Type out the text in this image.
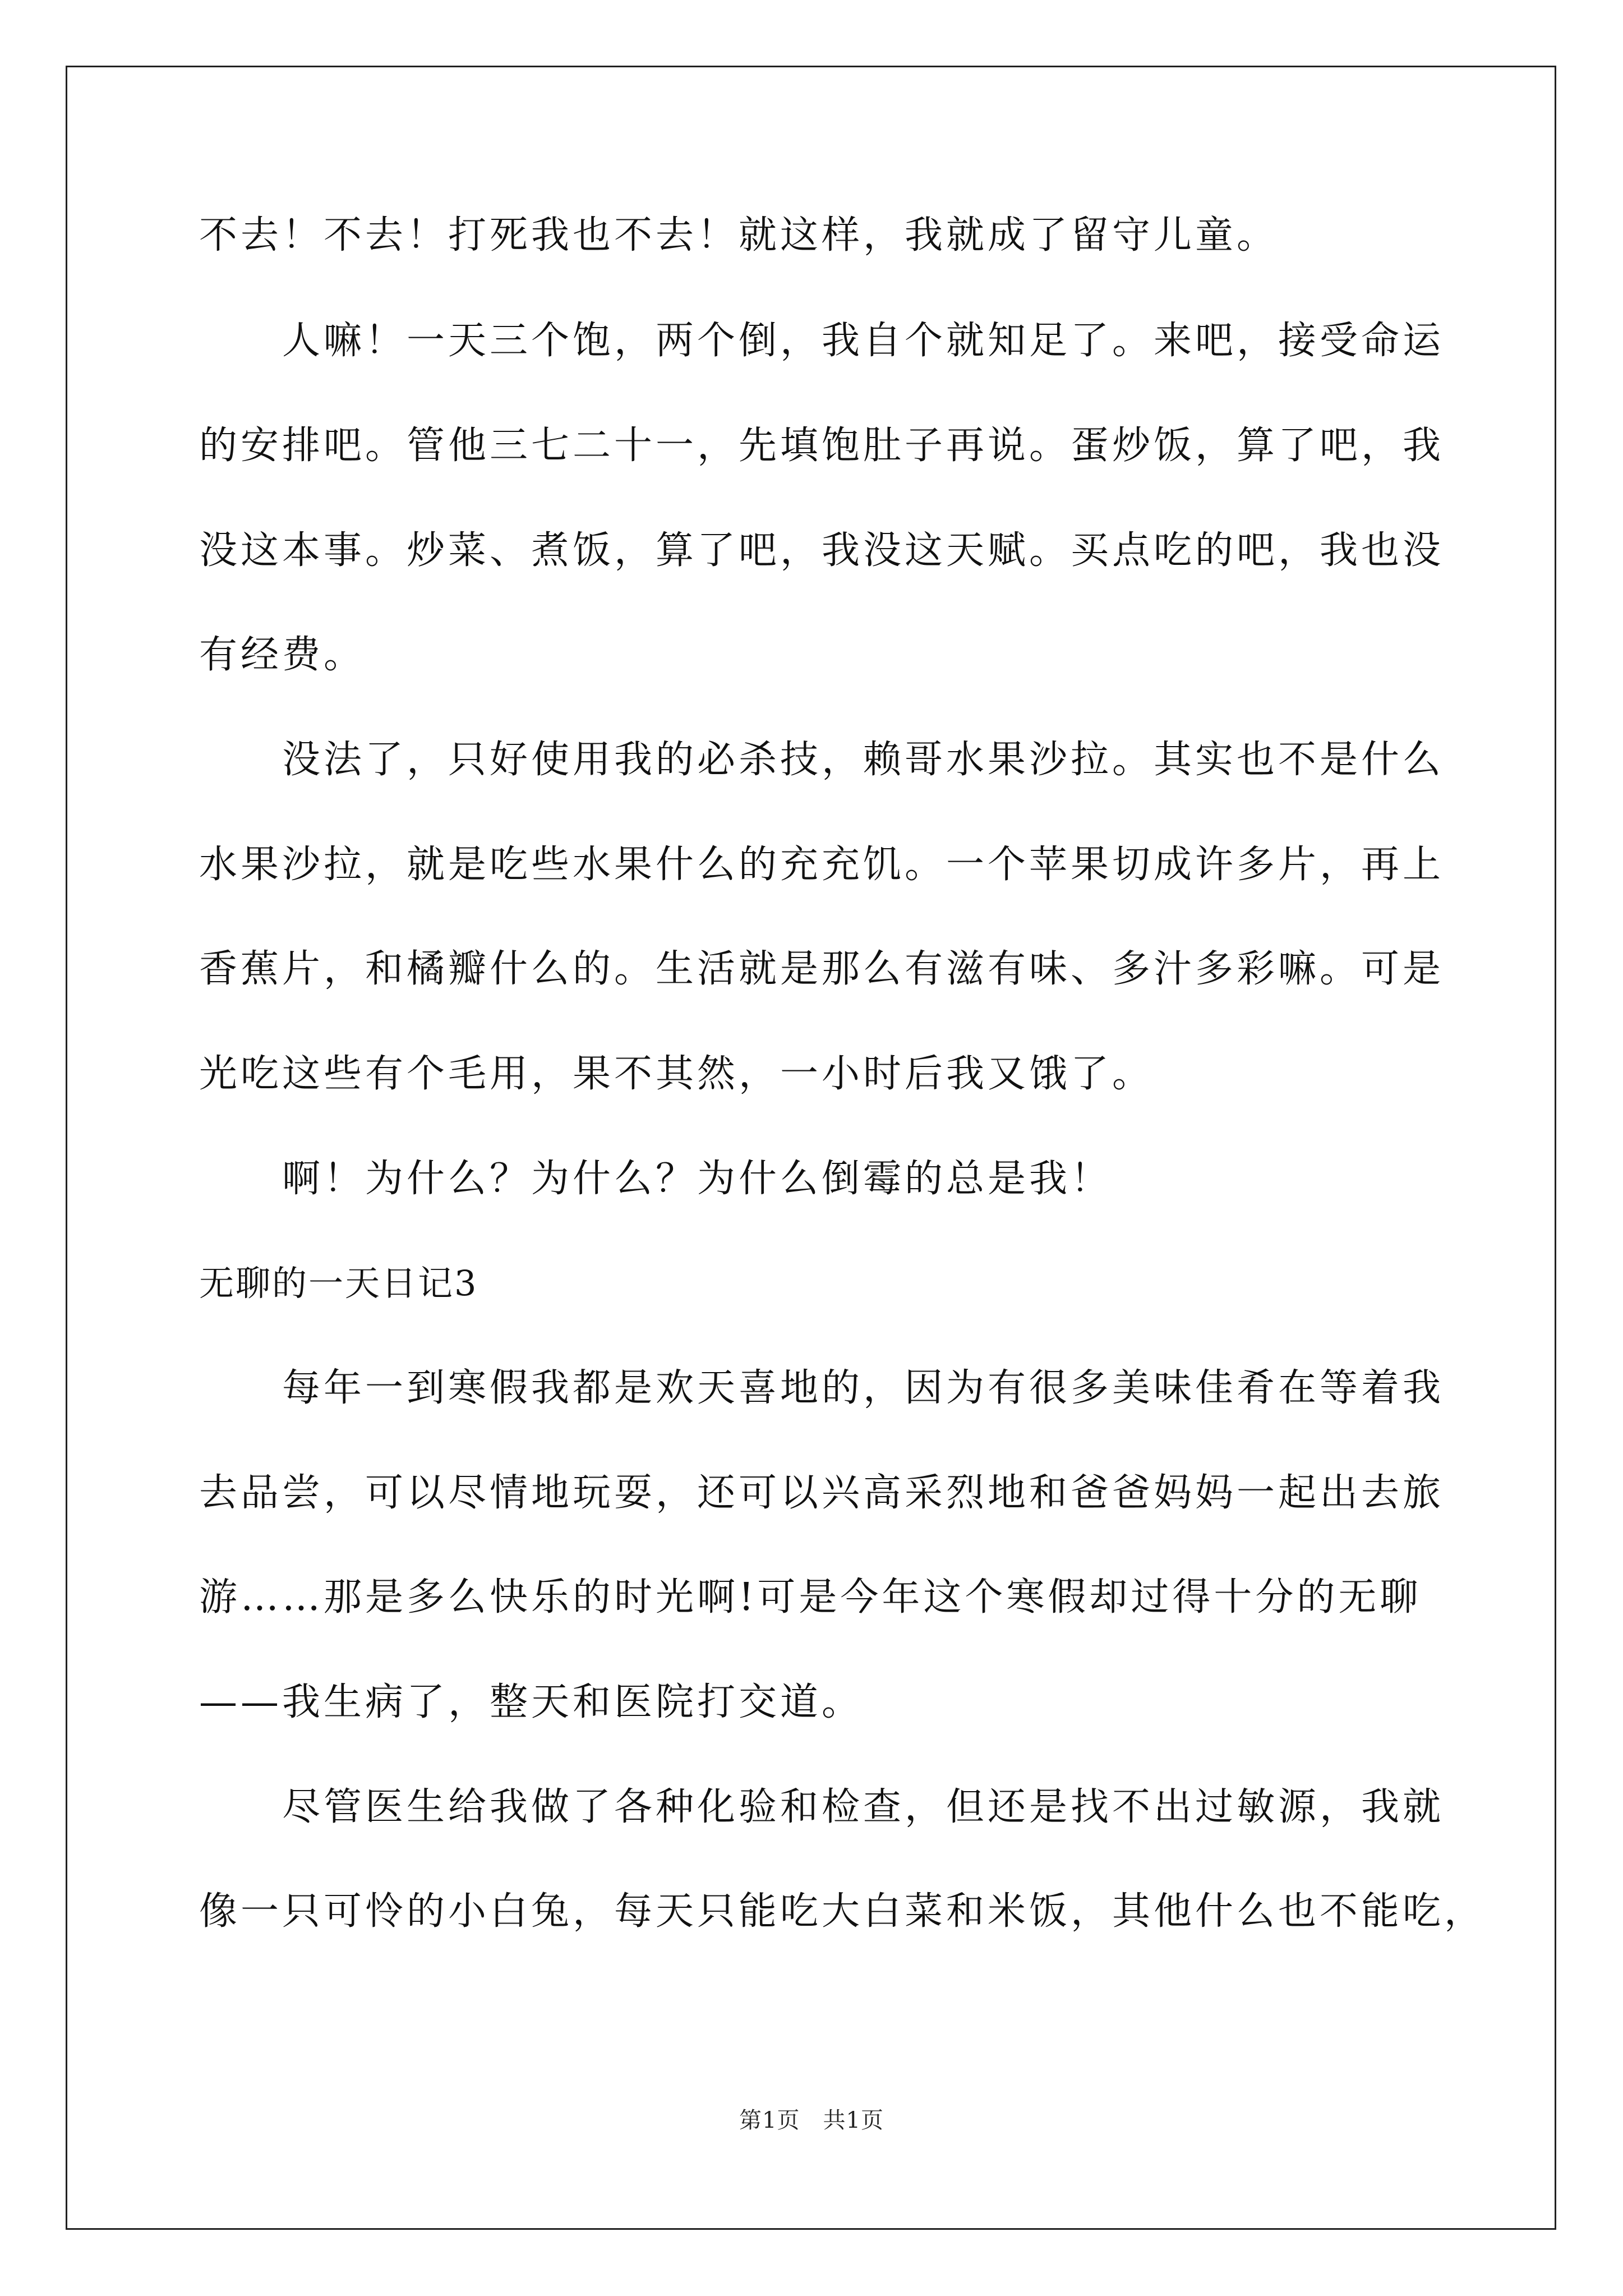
不去！不去！打死我也不去！就这样，我就成了留守儿童。
人嘛！一天三个饱，两个倒，我自个就知足了。来吧，接受命运
的安排吧。管他三七二十一，先填饱肚子再说。蛋炒饭，算了吧，我
没这本事。炒菜、煮饭，算了吧，我没这天赋。买点吃的吧，我也没
有经费。
没法了，只好使用我的必杀技，赖哥水果沙拉。其实也不是什么
水果沙拉，就是吃些水果什么的充充饥。一个苹果切成许多片，再上
香蕉片，和橘瓣什么的。生活就是那么有滋有味、多汁多彩嘛。可是
光吃这些有个毛用，果不其然，一小时后我又饿了。
啊！为什么？为什么？为什么倒霉的总是我！
无聊的一天日记3
每年一到寒假我都是欢天喜地的，因为有很多美味佳肴在等着我
去品尝，可以尽情地玩耍，还可以兴高采烈地和爸爸妈妈一起出去旅
游……那是多么快乐的时光啊!可是今年这个寒假却过得十分的无聊
——我生病了，整天和医院打交道。
尽管医生给我做了各种化验和检查，但还是找不出过敏源，我就
像一只可怜的小白兔，每天只能吃大白菜和米饭，其他什么也不能吃，
第1页　共1页
